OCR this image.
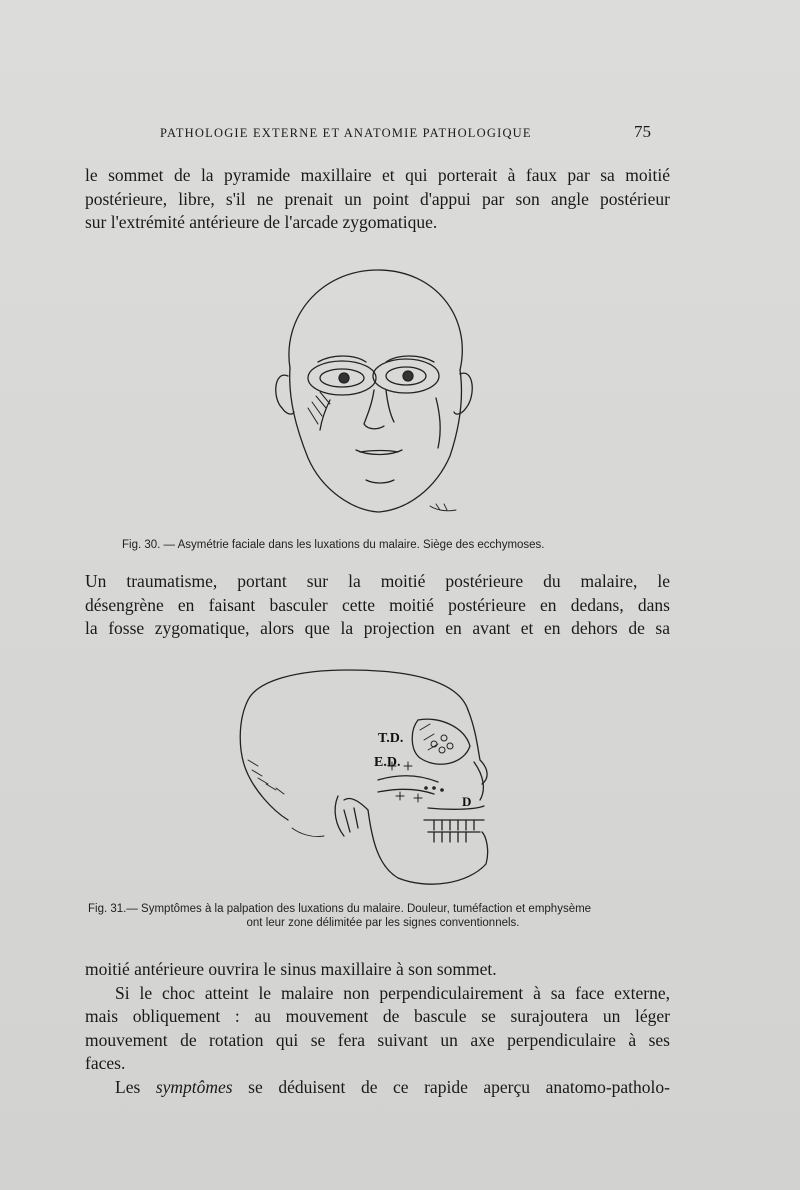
PATHOLOGIE EXTERNE ET ANATOMIE PATHOLOGIQUE	75
le sommet de la pyramide maxillaire et qui porterait à faux par sa moitié
postérieure, libre, s'il ne prenait un point d'appui par son angle postérieur
sur l'extrémité antérieure de l'arcade zygomatique.
Fig. 30. — Asymétrie faciale dans les luxations du malaire. Siège des ecchymoses.
Un traumatisme, portant sur la moitié postérieure du malaire, le
désengrène en faisant basculer cette moitié postérieure en dedans, dans
la fosse zygomatique, alors que la projection en avant et en dehors de sa
T.D.
E.D.
D
Fig. 31.— Symptômes à la palpation des luxations du malaire. Douleur, tuméfaction et emphysème
ont leur zone délimitée par les signes conventionnels.
moitié antérieure ouvrira le sinus maxillaire à son sommet.
Si le choc atteint le malaire non perpendiculairement à sa face externe,
mais obliquement : au mouvement de bascule se surajoutera un léger
mouvement de rotation qui se fera suivant un axe perpendiculaire à ses
faces.
Les symptômes se déduisent de ce rapide aperçu anatomo-patholo-
